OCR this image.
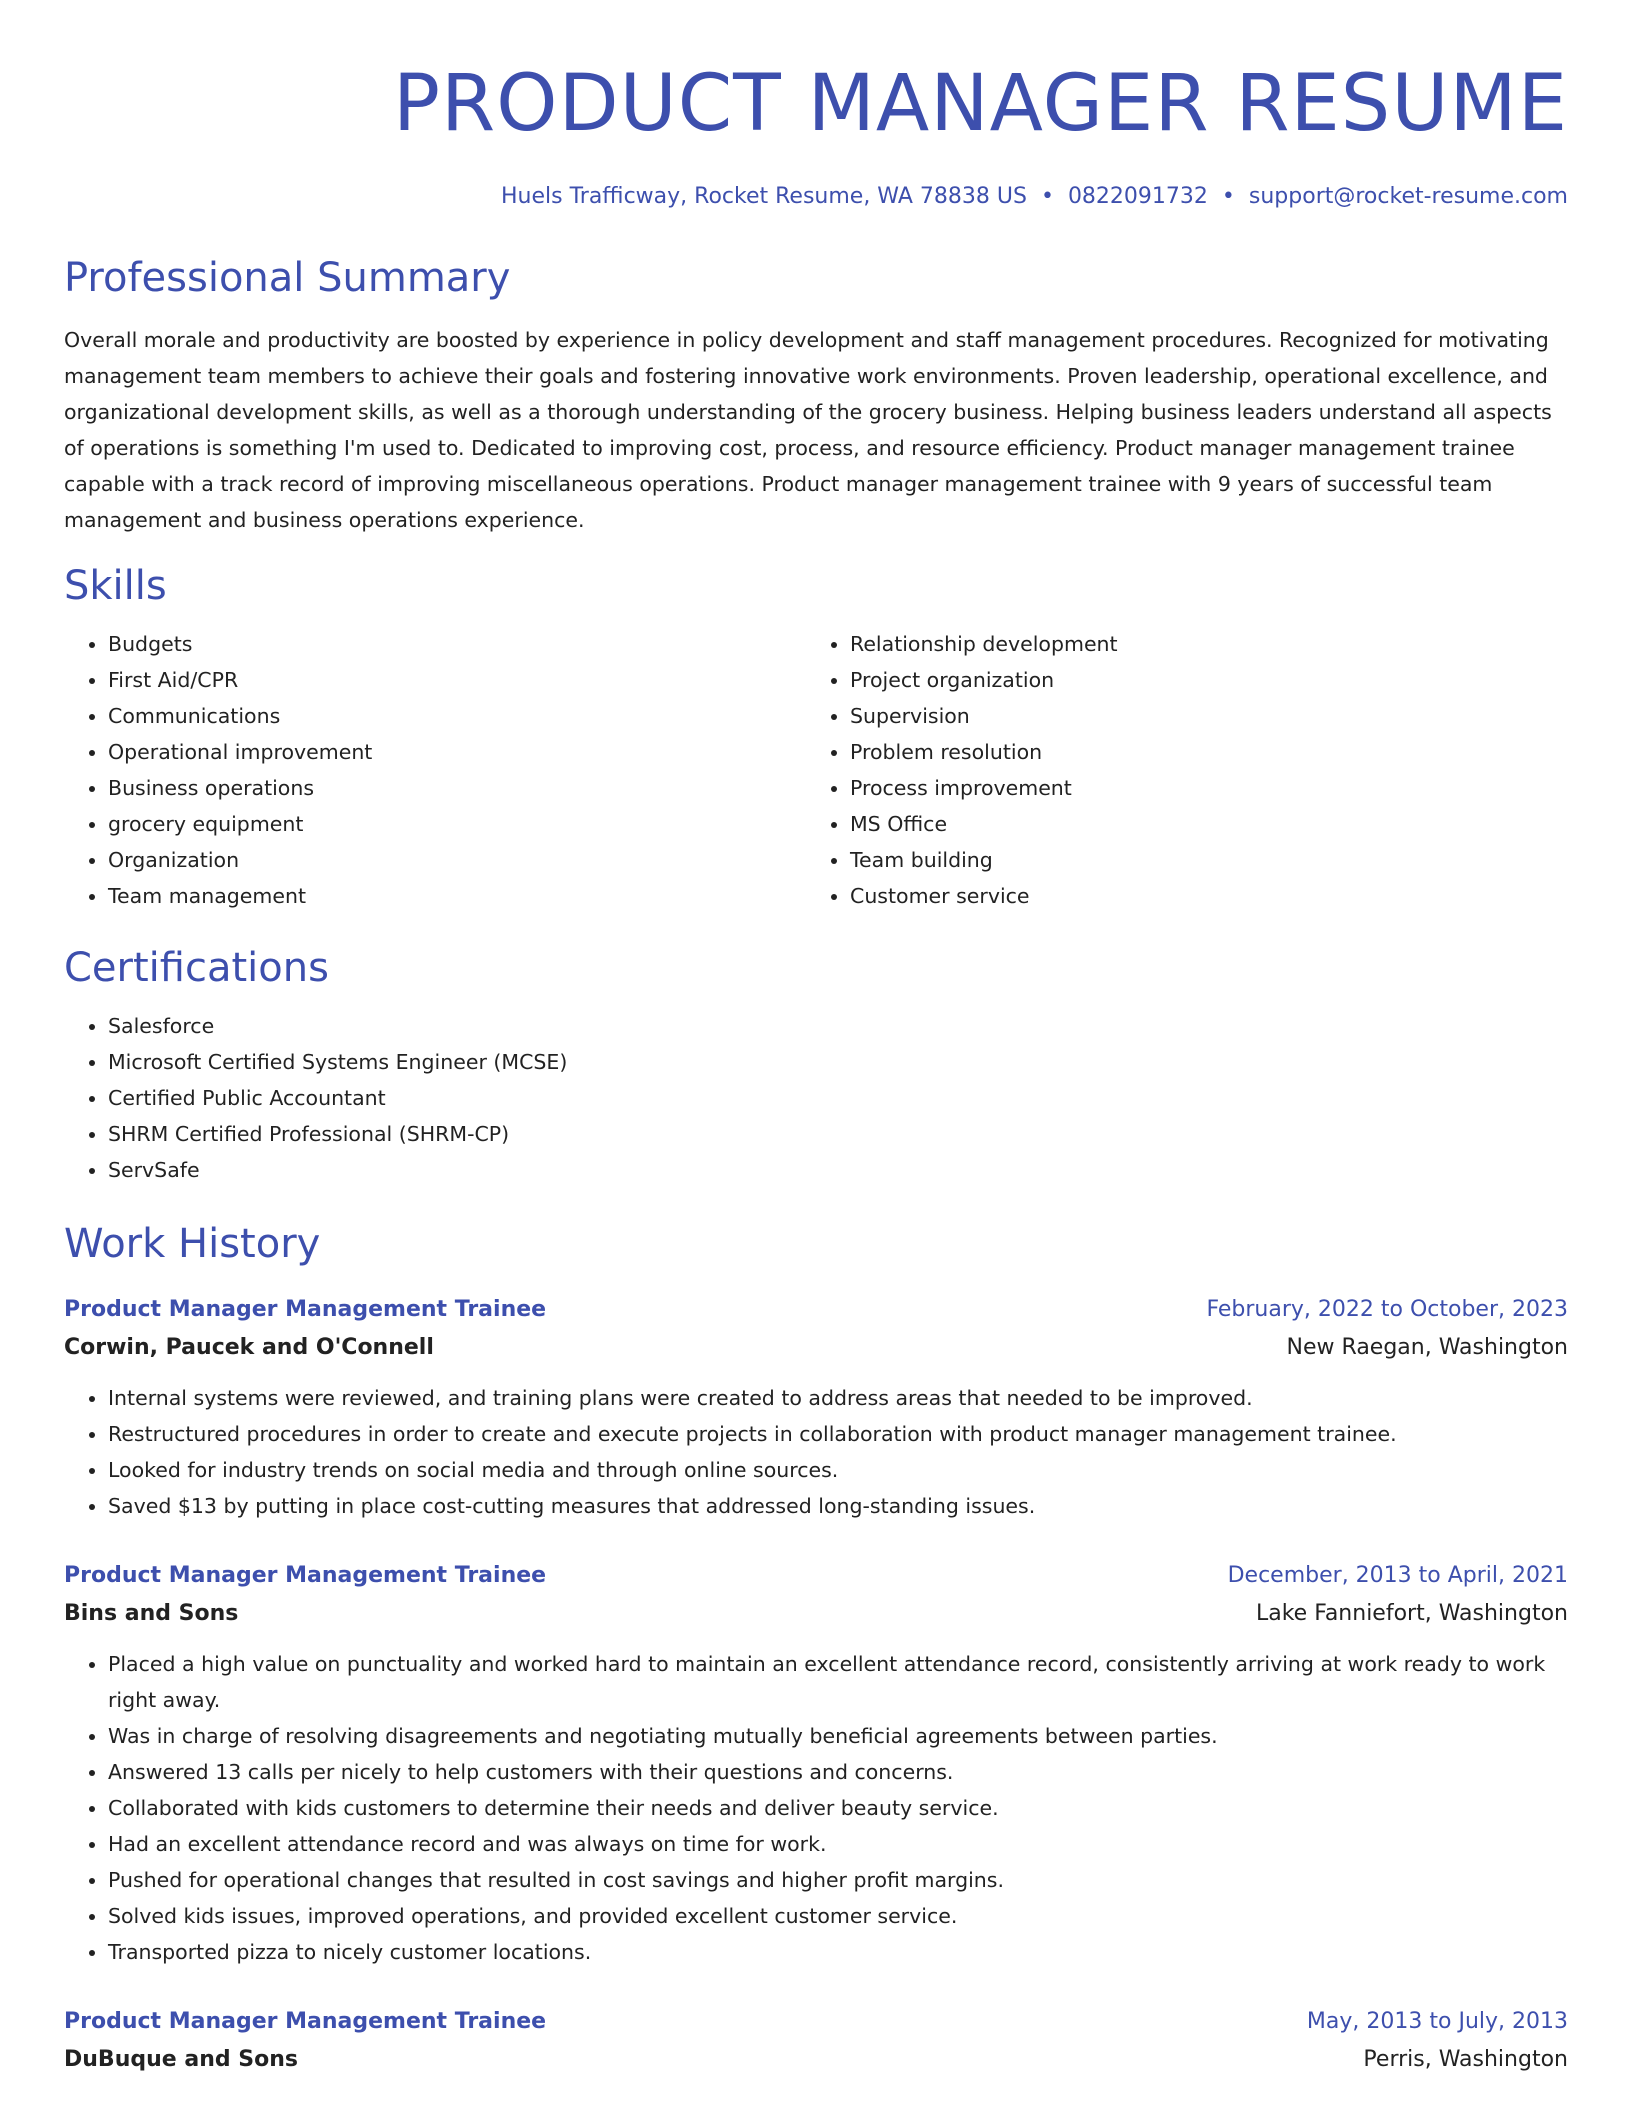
PRODUCT MANAGER RESUME
Huels Trafficway, Rocket Resume, WA 78838 US • 0822091732 • support@rocket-resume.com
Professional Summary
Overall morale and productivity are boosted by experience in policy development and staff management procedures. Recognized for motivating management team members to achieve their goals and fostering innovative work environments. Proven leadership, operational excellence, and organizational development skills, as well as a thorough understanding of the grocery business. Helping business leaders understand all aspects of operations is something I'm used to. Dedicated to improving cost, process, and resource efficiency. Product manager management trainee capable with a track record of improving miscellaneous operations. Product manager management trainee with 9 years of successful team management and business operations experience.
Skills
• Budgets
• First Aid/CPR
• Communications
• Operational improvement
• Business operations
• grocery equipment
• Organization
• Team management
• Relationship development
• Project organization
• Supervision
• Problem resolution
• Process improvement
• MS Office
• Team building
• Customer service
Certifications
• Salesforce
• Microsoft Certified Systems Engineer (MCSE)
• Certified Public Accountant
• SHRM Certified Professional (SHRM-CP)
• ServSafe
Work History
Product Manager Management Trainee	February, 2022 to October, 2023
Corwin, Paucek and O'Connell	New Raegan, Washington
• Internal systems were reviewed, and training plans were created to address areas that needed to be improved.
• Restructured procedures in order to create and execute projects in collaboration with product manager management trainee.
• Looked for industry trends on social media and through online sources.
• Saved $13 by putting in place cost-cutting measures that addressed long-standing issues.
Product Manager Management Trainee	December, 2013 to April, 2021
Bins and Sons	Lake Fanniefort, Washington
• Placed a high value on punctuality and worked hard to maintain an excellent attendance record, consistently arriving at work ready to work right away.
• Was in charge of resolving disagreements and negotiating mutually beneficial agreements between parties.
• Answered 13 calls per nicely to help customers with their questions and concerns.
• Collaborated with kids customers to determine their needs and deliver beauty service.
• Had an excellent attendance record and was always on time for work.
• Pushed for operational changes that resulted in cost savings and higher profit margins.
• Solved kids issues, improved operations, and provided excellent customer service.
• Transported pizza to nicely customer locations.
Product Manager Management Trainee	May, 2013 to July, 2013
DuBuque and Sons	Perris, Washington
